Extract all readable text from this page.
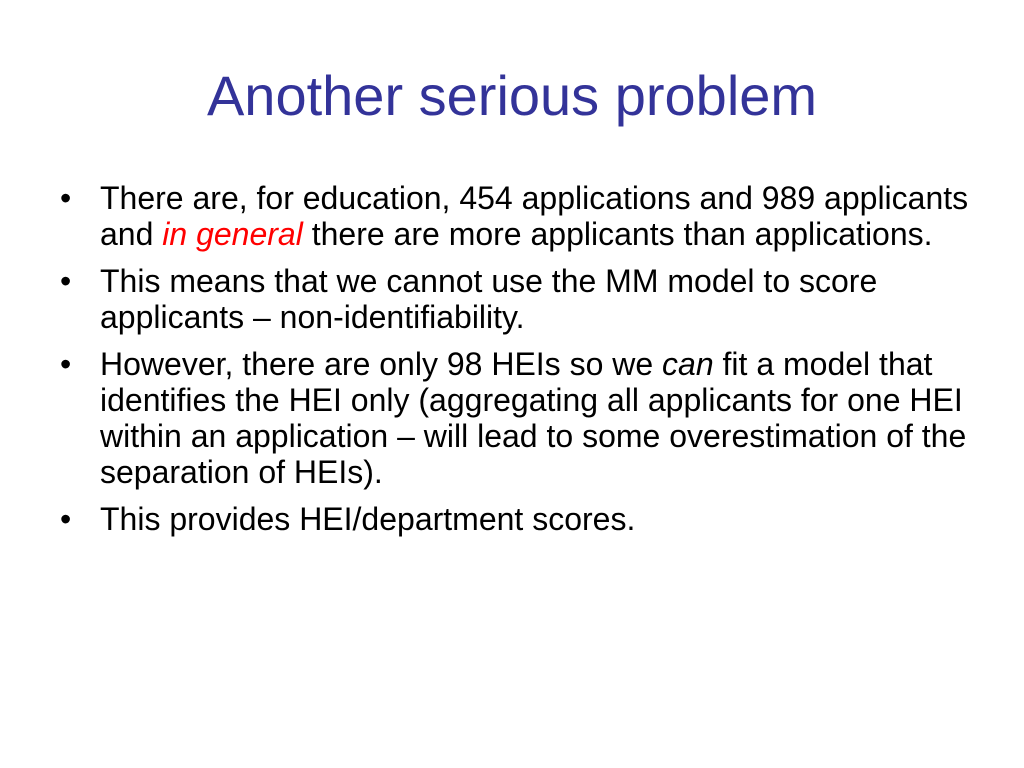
Another serious problem
• There are, for education, 454 applications and 989 applicants and in general there are more applicants than applications.
• This means that we cannot use the MM model to score applicants – non-identifiability.
• However, there are only 98 HEIs so we can fit a model that identifies the HEI only (aggregating all applicants for one HEI within an application – will lead to some overestimation of the separation of HEIs).
• This provides HEI/department scores.
